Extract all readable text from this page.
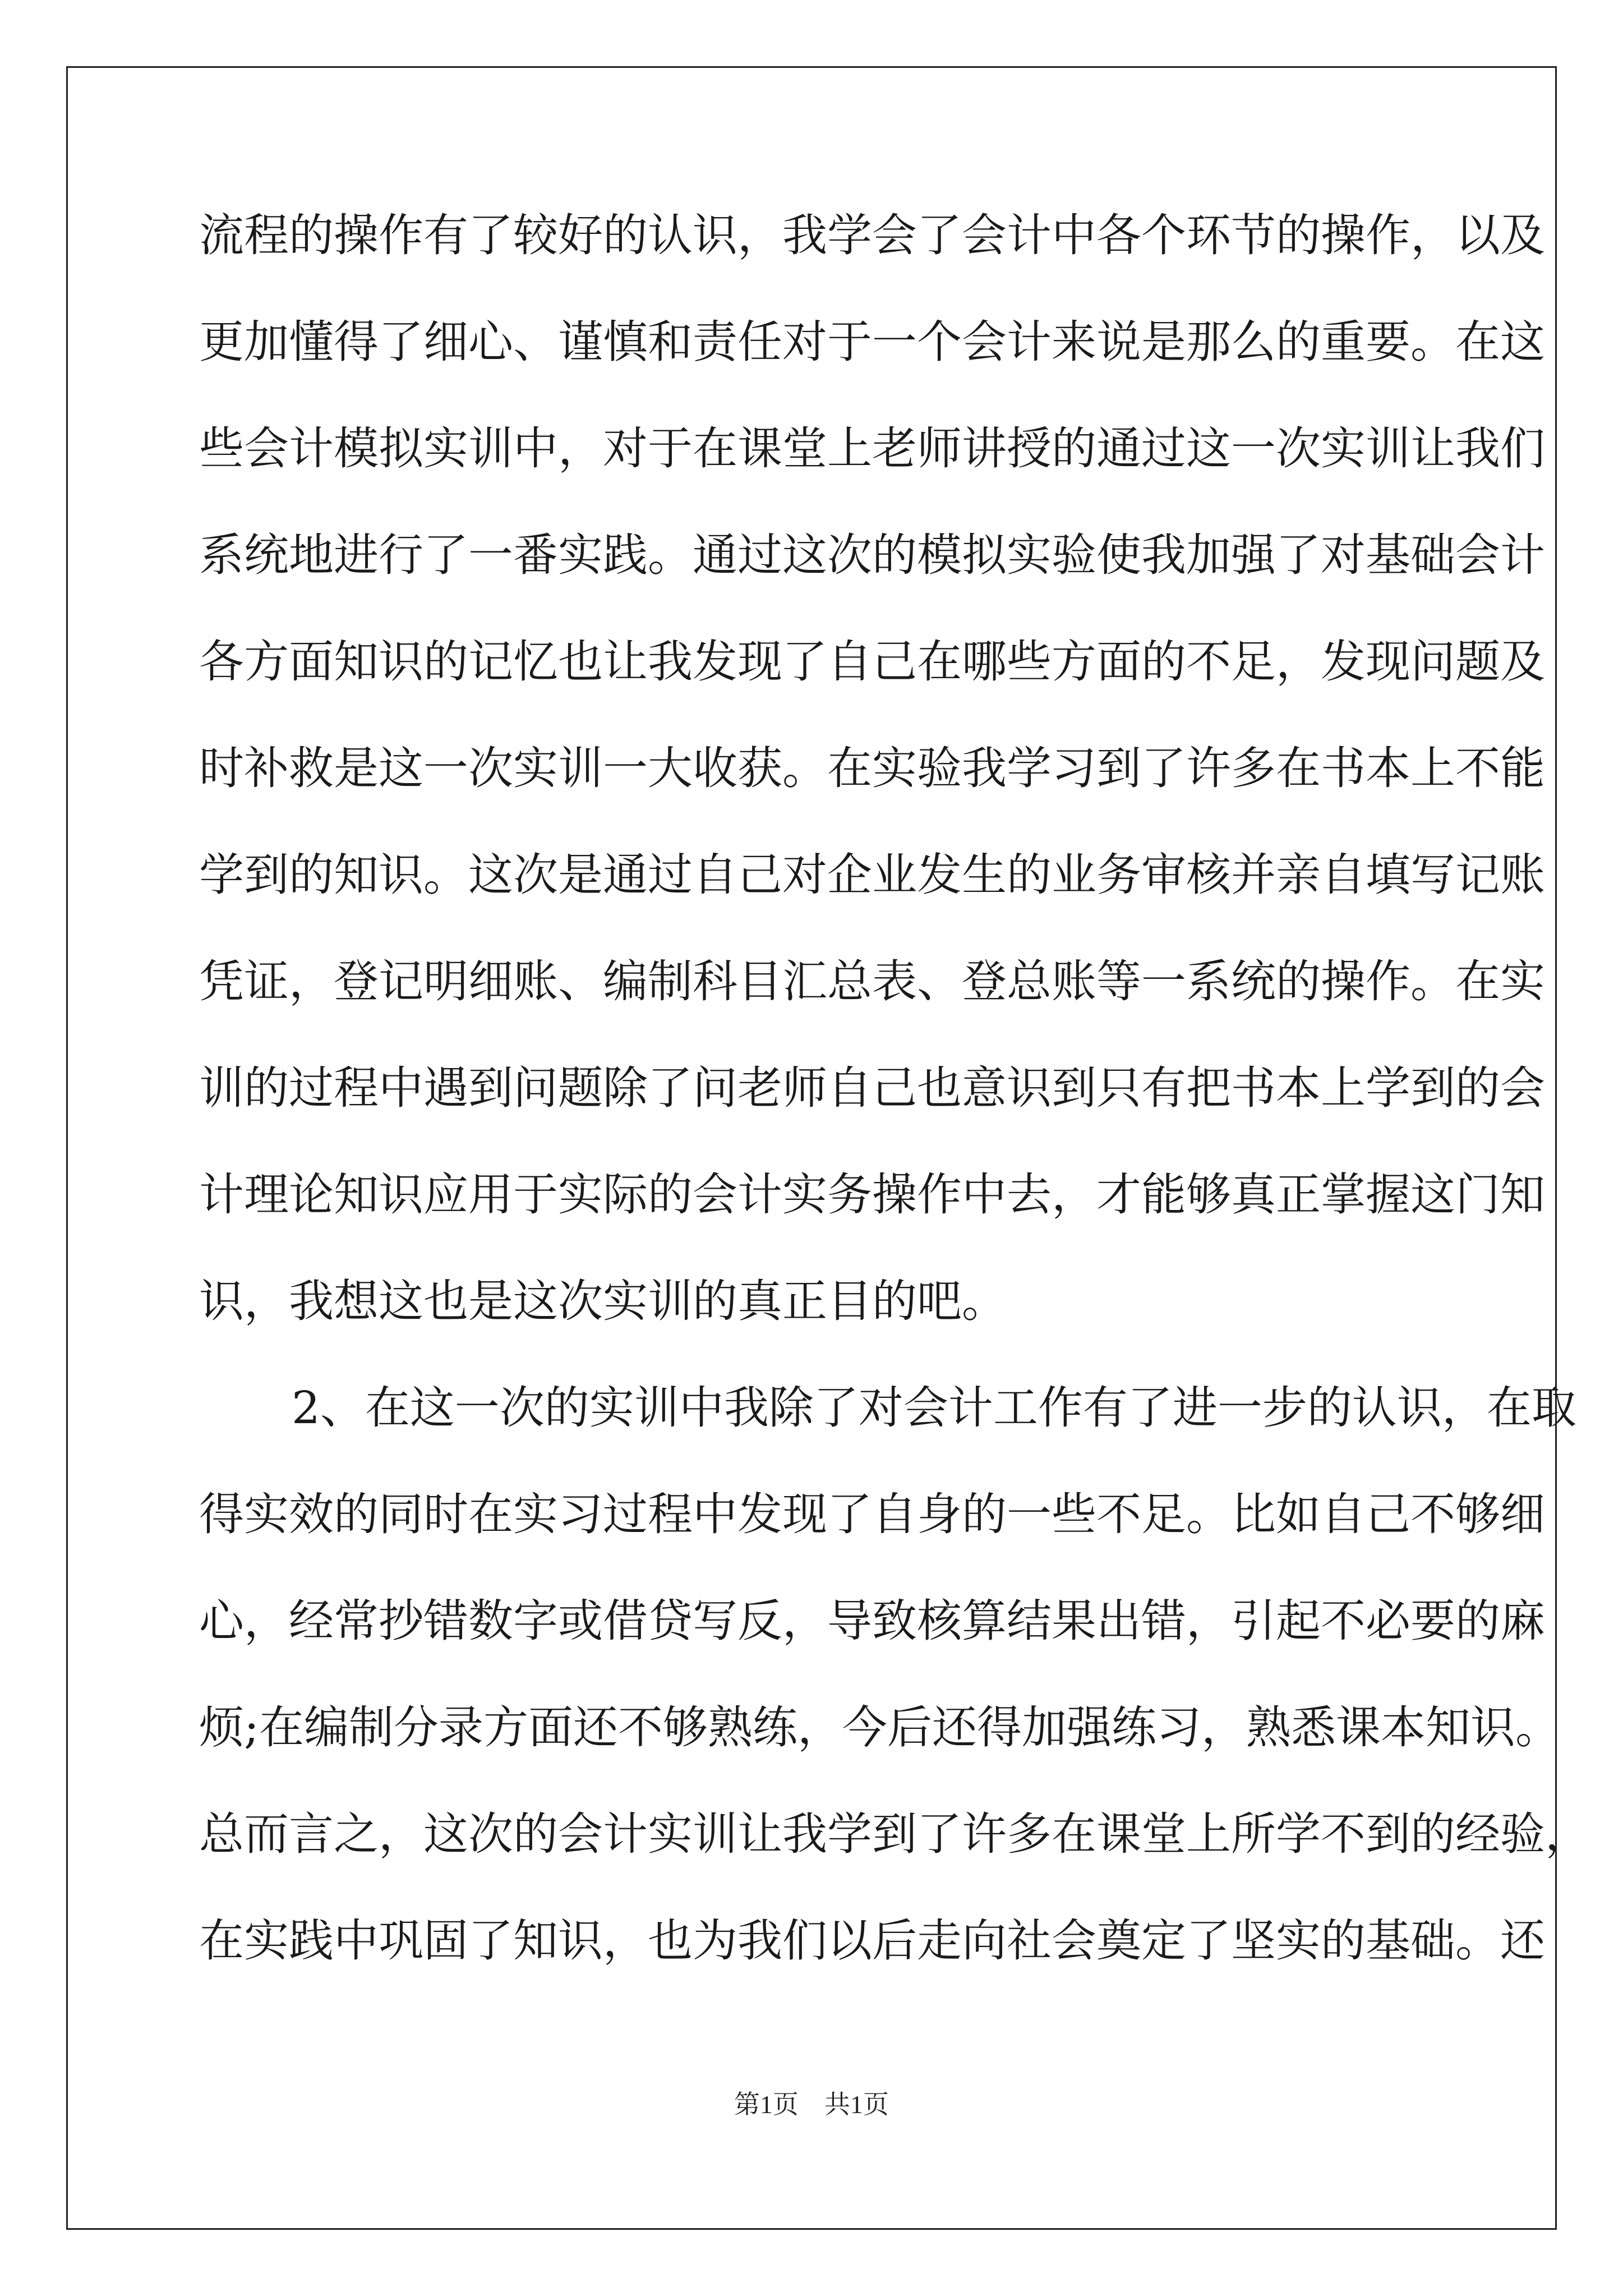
流程的操作有了较好的认识，我学会了会计中各个环节的操作，以及
更加懂得了细心、谨慎和责任对于一个会计来说是那么的重要。在这
些会计模拟实训中，对于在课堂上老师讲授的通过这一次实训让我们
系统地进行了一番实践。通过这次的模拟实验使我加强了对基础会计
各方面知识的记忆也让我发现了自己在哪些方面的不足，发现问题及
时补救是这一次实训一大收获。在实验我学习到了许多在书本上不能
学到的知识。这次是通过自己对企业发生的业务审核并亲自填写记账
凭证，登记明细账、编制科目汇总表、登总账等一系统的操作。在实
训的过程中遇到问题除了问老师自己也意识到只有把书本上学到的会
计理论知识应用于实际的会计实务操作中去，才能够真正掌握这门知
识，我想这也是这次实训的真正目的吧。
2、在这一次的实训中我除了对会计工作有了进一步的认识，在取
得实效的同时在实习过程中发现了自身的一些不足。比如自己不够细
心，经常抄错数字或借贷写反，导致核算结果出错，引起不必要的麻
烦;在编制分录方面还不够熟练，今后还得加强练习，熟悉课本知识。
总而言之，这次的会计实训让我学到了许多在课堂上所学不到的经验，
在实践中巩固了知识，也为我们以后走向社会奠定了坚实的基础。还
第1页　共1页
